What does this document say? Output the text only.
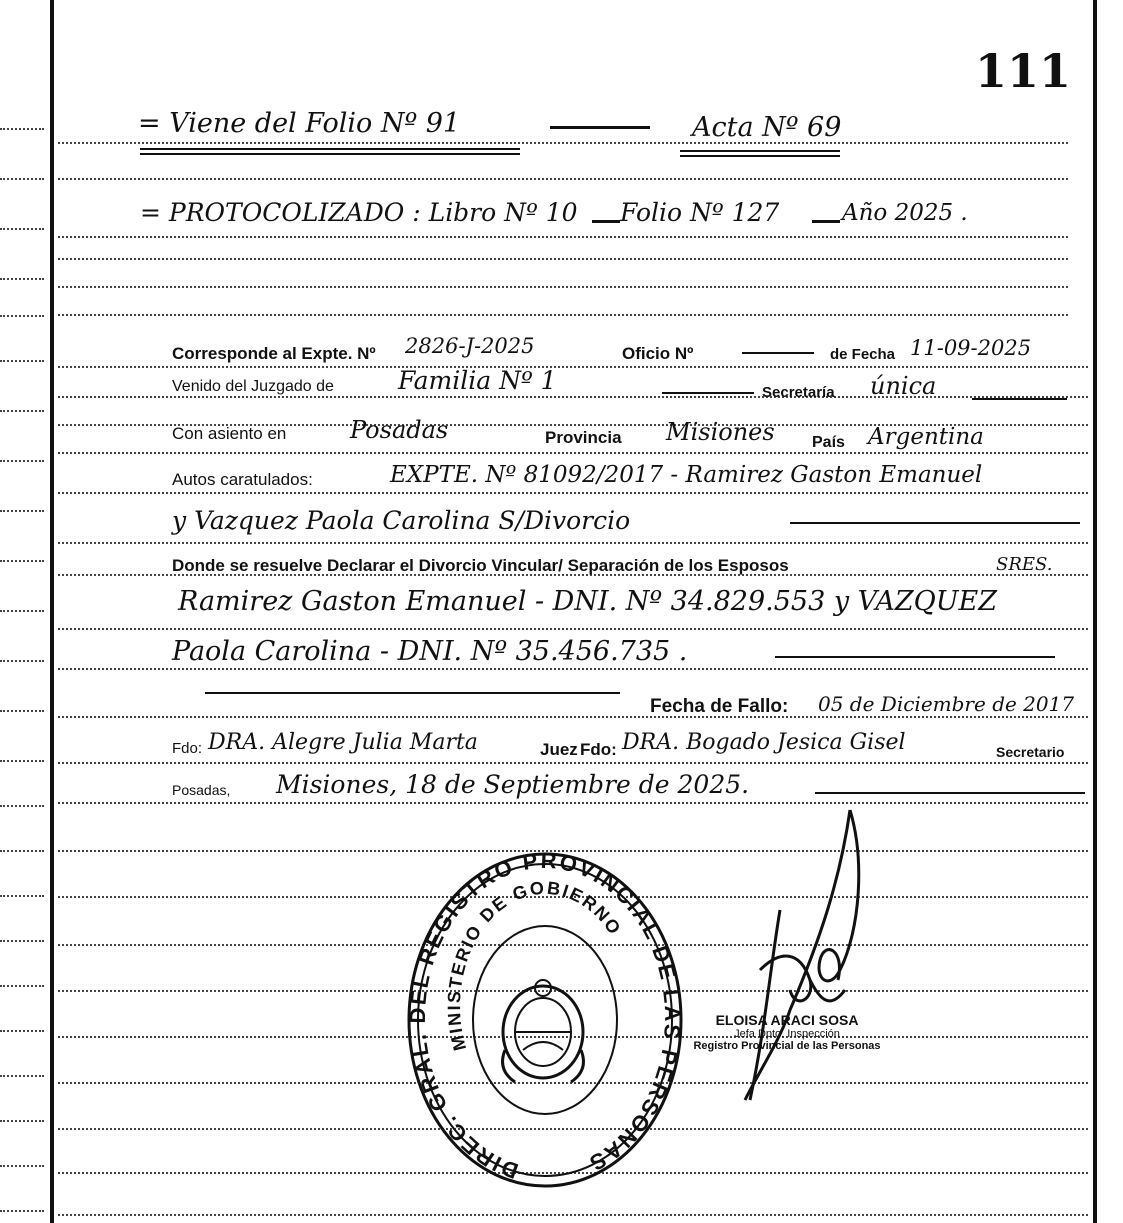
111
= Viene del Folio Nº 91	Acta Nº 69
= PROTOCOLIZADO : Libro Nº 10 Folio Nº 127	Año 2025 .
Corresponde al Expte. Nº 2826-J-2025	Oficio Nº	de Fecha 11-09-2025
Venido del Juzgado de	Familia Nº 1	Secretaría única
Con asiento en	Posadas	Provincia Misiones País Argentina
Autos caratulados:	EXPTE. Nº 81092/2017 - Ramirez Gaston Emanuel
y Vazquez Paola Carolina S/Divorcio
Donde se resuelve Declarar el Divorcio Vincular/ Separación de los Esposos	SRES.
Ramirez Gaston Emanuel - DNI. Nº 34.829.553 y VAZQUEZ
Paola Carolina - DNI. Nº 35.456.735 .
Fecha de Fallo: 05 de Diciembre de 2017
Fdo: DRA. Alegre Julia Marta	Juez Fdo: DRA. Bogado Jesica Gisel	Secretario
Posadas, Misiones, 18 de Septiembre de 2025.
DIREC. GRAL. DEL REGISTRO PROVINCIAL DE LAS PERSONAS
MINISTERIO DE GOBIERNO
ELOISA ARACI SOSA
Jefa Dpto. Inspección
Registro Provincial de las Personas
